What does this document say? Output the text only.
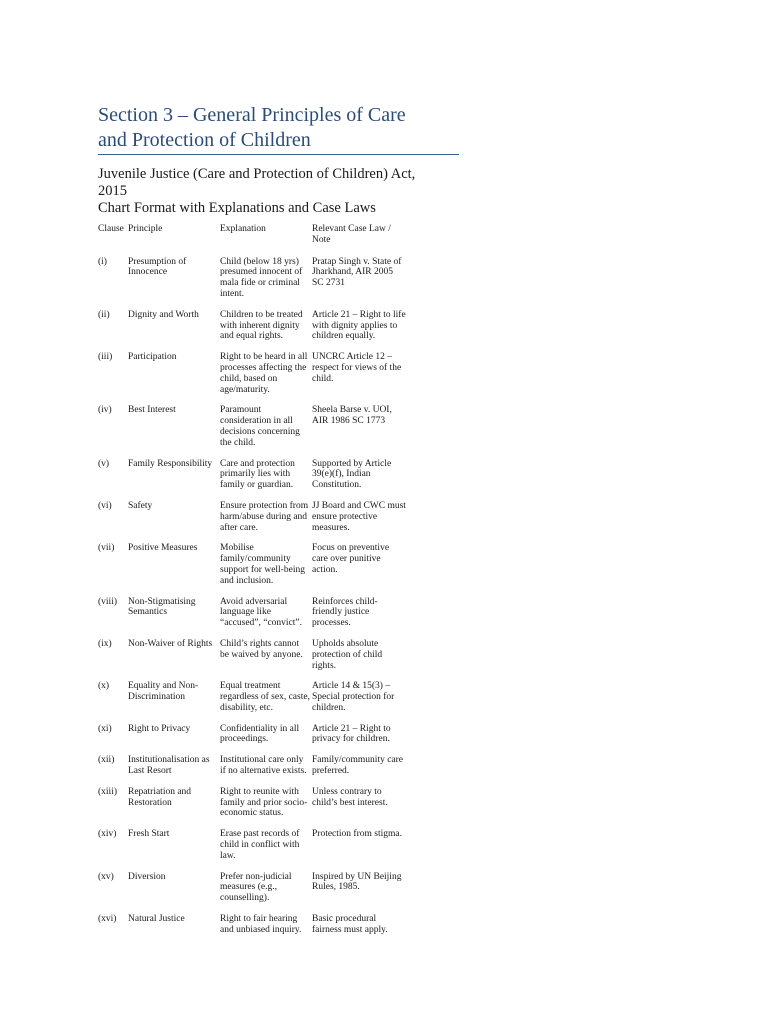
Section 3 – General Principles of Care
and Protection of Children

Juvenile Justice (Care and Protection of Children) Act,
2015

Chart Format with Explanations and Case Laws

Clause	Principle	Explanation	Relevant Case Law / Note
(i)	Presumption of Innocence	Child (below 18 yrs) presumed innocent of mala fide or criminal intent.	Pratap Singh v. State of Jharkhand, AIR 2005 SC 2731
(ii)	Dignity and Worth	Children to be treated with inherent dignity and equal rights.	Article 21 – Right to life with dignity applies to children equally.
(iii)	Participation	Right to be heard in all processes affecting the child, based on age/maturity.	UNCRC Article 12 – respect for views of the child.
(iv)	Best Interest	Paramount consideration in all decisions concerning the child.	Sheela Barse v. UOI, AIR 1986 SC 1773
(v)	Family Responsibility	Care and protection primarily lies with family or guardian.	Supported by Article 39(e)(f), Indian Constitution.
(vi)	Safety	Ensure protection from harm/abuse during and after care.	JJ Board and CWC must ensure protective measures.
(vii)	Positive Measures	Mobilise family/community support for well-being and inclusion.	Focus on preventive care over punitive action.
(viii)	Non-Stigmatising Semantics	Avoid adversarial language like “accused”, “convict”.	Reinforces child-friendly justice processes.
(ix)	Non-Waiver of Rights	Child’s rights cannot be waived by anyone.	Upholds absolute protection of child rights.
(x)	Equality and Non-Discrimination	Equal treatment regardless of sex, caste, disability, etc.	Article 14 & 15(3) – Special protection for children.
(xi)	Right to Privacy	Confidentiality in all proceedings.	Article 21 – Right to privacy for children.
(xii)	Institutionalisation as Last Resort	Institutional care only if no alternative exists.	Family/community care preferred.
(xiii)	Repatriation and Restoration	Right to reunite with family and prior socio-economic status.	Unless contrary to child’s best interest.
(xiv)	Fresh Start	Erase past records of child in conflict with law.	Protection from stigma.
(xv)	Diversion	Prefer non-judicial measures (e.g., counselling).	Inspired by UN Beijing Rules, 1985.
(xvi)	Natural Justice	Right to fair hearing and unbiased inquiry.	Basic procedural fairness must apply.
